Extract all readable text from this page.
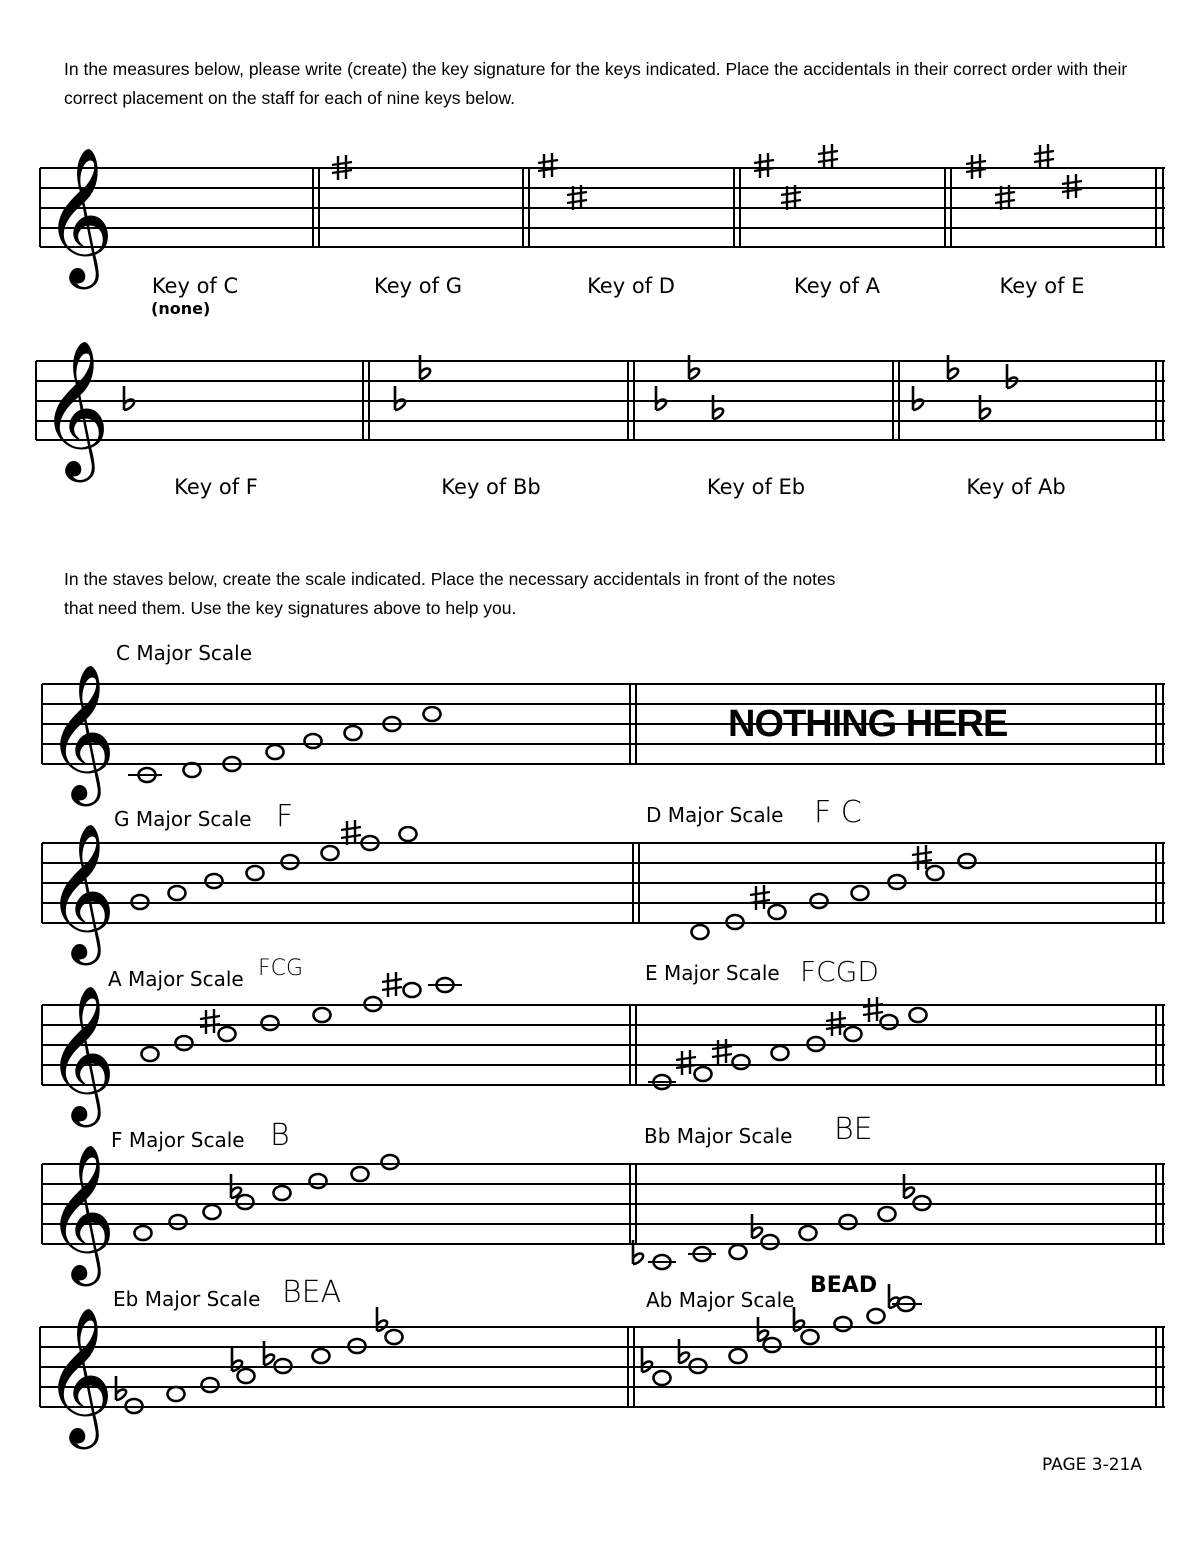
In the measures below, please write (create) the key signature for the keys indicated. Place the accidentals in their correct order with their correct placement on the staff for each of nine keys below.
In the staves below, create the scale indicated. Place the necessary accidentals in front of the notes
that need them. Use the key signatures above to help you.
𝄞
𝄞
𝄞
𝄞
𝄞
𝄞
𝄞
Key of C
(none)
Key of G	Key of D	Key of A	Key of E
Key of F	Key of Bb	Key of Eb	Key of Ab
C Major Scale
NOTHING HERE
G Major Scale F	D Major Scale F C
A Major Scale FCG	E Major Scale FCGD
F Major Scale B	Bb Major Scale BE
Eb Major Scale BEA	Ab Major Scale
BEAD
PAGE 3-21A
